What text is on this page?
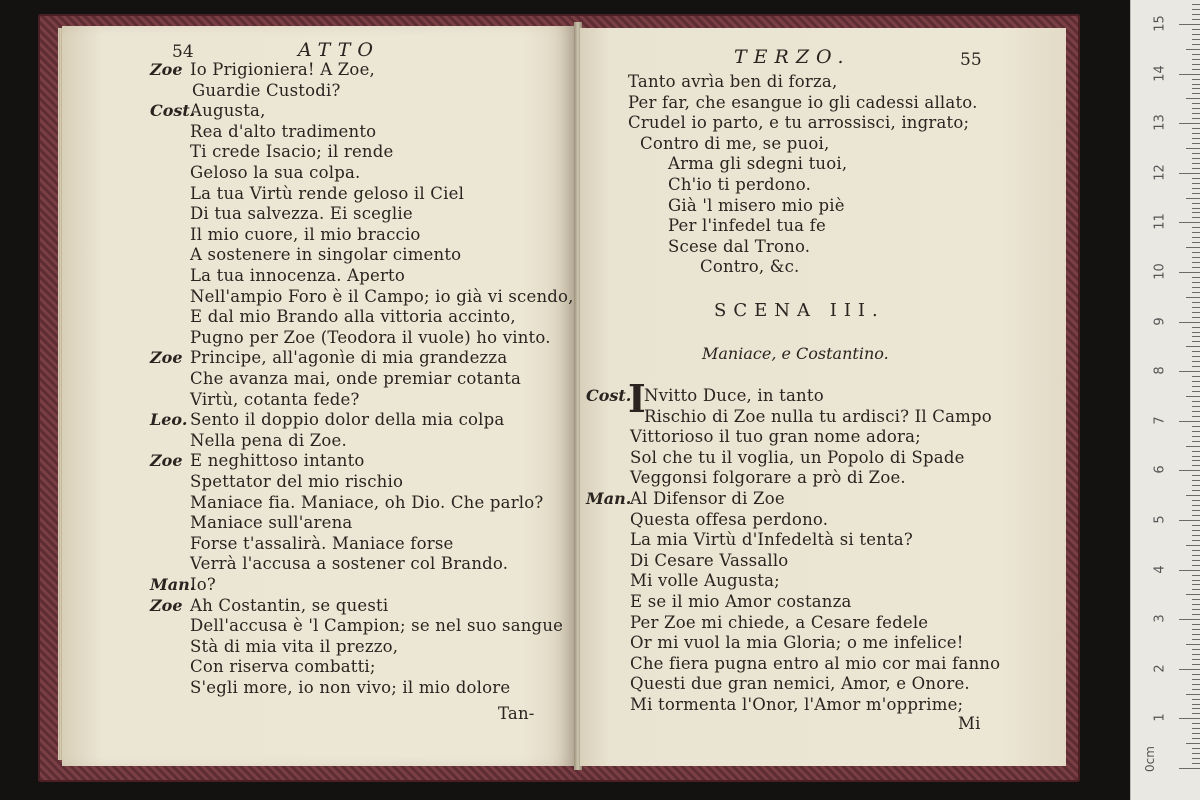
54	ATTO
Zoe Io Prigioniera! A Zoe,
Guardie Custodi?
Cost.
Augusta,
Rea d'alto tradimento
Ti crede Isacio; il rende
Geloso la sua colpa.
La tua Virtù rende geloso il Ciel
Di tua salvezza. Ei sceglie
Il mio cuore, il mio braccio
A sostenere in singolar cimento
La tua innocenza. Aperto
Nell'ampio Foro è il Campo; io già vi scendo,
E dal mio Brando alla vittoria accinto,
Pugno per Zoe (Teodora il vuole) ho vinto.
Zoe Principe, all'agonìe di mia grandezza
Che avanza mai, onde premiar cotanta
Virtù, cotanta fede?
Leo. Sento il doppio dolor della mia colpa
Nella pena di Zoe.
Zoe E neghittoso intanto
Spettator del mio rischio
Maniace fia. Maniace, oh Dio. Che parlo?
Maniace sull'arena
Forse t'assalirà. Maniace forse
Verrà l'accusa a sostener col Brando.
Man.
Io?
Zoe Ah Costantin, se questi
Dell'accusa è 'l Campion; se nel suo sangue
Stà di mia vita il prezzo,
Con riserva combatti;
S'egli more, io non vivo; il mio dolore
Tan-
TERZO.	55
Tanto avrìa ben di forza,
Per far, che esangue io gli cadessi allato.
Crudel io parto, e tu arrossisci, ingrato;
Contro di me, se puoi,
Arma gli sdegni tuoi,
Ch'io ti perdono.
Già 'l misero mio piè
Per l'infedel tua fe
Scese dal Trono.
Contro, &c.
SCENA III.
Maniace, e Costantino.
I
Cost. Nvitto Duce, in tanto
Rischio di Zoe nulla tu ardisci? Il Campo
Vittorioso il tuo gran nome adora;
Sol che tu il voglia, un Popolo di Spade
Veggonsi folgorare a prò di Zoe.
Man.
Al Difensor di Zoe
Questa offesa perdono.
La mia Virtù d'Infedeltà si tenta?
Di Cesare Vassallo
Mi volle Augusta;
E se il mio Amor costanza
Per Zoe mi chiede, a Cesare fedele
Or mi vuol la mia Gloria; o me infelice!
Che fiera pugna entro al mio cor mai fanno
Questi due gran nemici, Amor, e Onore.
Mi tormenta l'Onor, l'Amor m'opprime;
Mi
0cm
1
2
3
4
5
6
7
8
9
10
11
12
13
14
15
